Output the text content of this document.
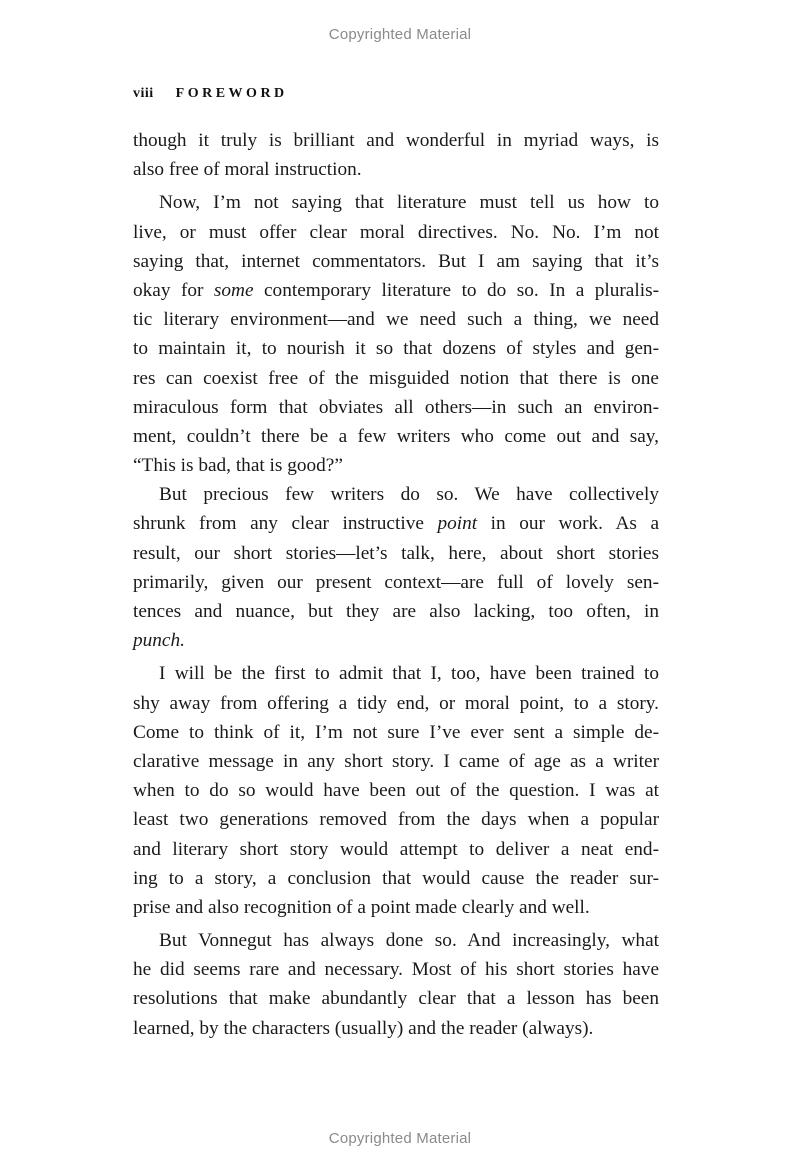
Copyrighted Material
viii FOREWORD
though it truly is brilliant and wonderful in myriad ways, is
also free of moral instruction.
Now, I’m not saying that literature must tell us how to
live, or must offer clear moral directives. No. No. I’m not
saying that, internet commentators. But I am saying that it’s
okay for some contemporary literature to do so. In a pluralis-
tic literary environment—and we need such a thing, we need
to maintain it, to nourish it so that dozens of styles and gen-
res can coexist free of the misguided notion that there is one
miraculous form that obviates all others—in such an environ-
ment, couldn’t there be a few writers who come out and say,
“This is bad, that is good?”
But precious few writers do so. We have collectively
shrunk from any clear instructive point in our work. As a
result, our short stories—let’s talk, here, about short stories
primarily, given our present context—are full of lovely sen-
tences and nuance, but they are also lacking, too often, in
punch.
I will be the first to admit that I, too, have been trained to
shy away from offering a tidy end, or moral point, to a story.
Come to think of it, I’m not sure I’ve ever sent a simple de-
clarative message in any short story. I came of age as a writer
when to do so would have been out of the question. I was at
least two generations removed from the days when a popular
and literary short story would attempt to deliver a neat end-
ing to a story, a conclusion that would cause the reader sur-
prise and also recognition of a point made clearly and well.
But Vonnegut has always done so. And increasingly, what
he did seems rare and necessary. Most of his short stories have
resolutions that make abundantly clear that a lesson has been
learned, by the characters (usually) and the reader (always).
Copyrighted Material
